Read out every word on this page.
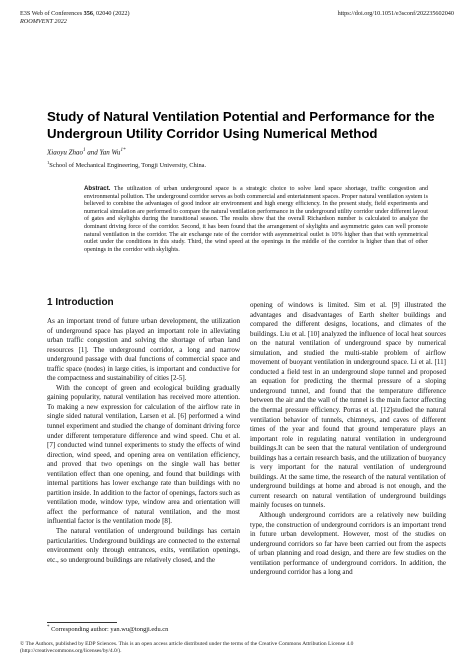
E3S Web of Conferences 356, 02040 (2022)
ROOMVENT 2022
https://doi.org/10.1051/e3sconf/202235602040
Study of Natural Ventilation Potential and Performance for the Undergroun Utility Corridor Using Numerical Method
Xiaoyu Zhao$^1$ and Yan $Wu^{1*}$
$^1$School of Mechanical Engineering, Tongji University, China.
Abstract. The utilization of urban underground space is a strategic choice to solve land space shortage, traffic congestion and environmental pollution. The underground corridor serves as both commercial and entertainment spaces. Proper natural ventilation system is believed to combine the advantages of good indoor air environment and high energy efficiency. In the present study, field experiments and numerical simulation are performed to compare the natural ventilation performance in the underground utility corridor under different layout of gates and skylights during the transitional season. The results show that the overall Richardson number is calculated to analyze the dominant driving force of the corridor. Second, it has been found that the arrangement of skylights and asymmetric gates can well promote natural ventilation in the corridor. The air exchange rate of the corridor with asymmetrical outlet is 10% higher than that with symmetrical outlet under the conditions in this study. Third, the wind speed at the openings in the middle of the corridor is higher than that of other openings in the corridor with skylights.
1 Introduction

As an important trend of future urban development, the utilization of underground space has played an important role in alleviating urban traffic congestion and solving the shortage of urban land resources [1]. The underground corridor, a long and narrow underground passage with dual functions of commercial space and traffic space (nodes) in large cities, is important and conductive for the compactness and sustainability of cities [2-5].

With the concept of green and ecological building gradually gaining popularity, natural ventilation has received more attention. To making a new expression for calculation of the airflow rate in single sided natural ventilation, Larsen et al. [6] performed a wind tunnel experiment and studied the change of dominant driving force under different temperature difference and wind speed. Chu et al. [7] conducted wind tunnel experiments to study the effects of wind direction, wind speed, and opening area on ventilation efficiency, and proved that two openings on the single wall has better ventilation effect than one opening, and found that buildings with internal partitions has lower exchange rate than buildings with no partition inside. In addition to the factor of openings, factors such as ventilation mode, window type, window area and orientation will affect the performance of natural ventilation, and the most influential factor is the ventilation mode [8].

The natural ventilation of underground buildings has certain particularities. Underground buildings are connected to the external environment only through entrances, exits, ventilation openings, etc., so underground buildings are relatively closed, and the

opening of windows is limited. Sim et al. [9] illustrated the advantages and disadvantages of Earth shelter buildings and compared the different designs, locations, and climates of the buildings. Liu et al. [10] analyzed the influence of local heat sources on the natural ventilation of underground space by numerical simulation, and studied the multi-stable problem of airflow movement of buoyant ventilation in underground space. Li et al. [11] conducted a field test in an underground slope tunnel and proposed an equation for predicting the thermal pressure of a sloping underground tunnel, and found that the temperature difference between the air and the wall of the tunnel is the main factor affecting the thermal pressure efficiency. Porras et al. [12]studied the natural ventilation behavior of tunnels, chimneys, and caves of different times of the year and found that ground temperature plays an important role in regulating natural ventilation in underground buildings.It can be seen that the natural ventilation of underground buildings has a certain research basis, and the utilization of buoyancy is very important for the natural ventilation of underground buildings. At the same time, the research of the natural ventilation of underground buildings at home and abroad is not enough, and the current research on natural ventilation of underground buildings mainly focuses on tunnels.

Although underground corridors are a relatively new building type, the construction of underground corridors is an important trend in future urban development. However, most of the studies on underground corridors so far have been carried out from the aspects of urban planning and road design, and there are few studies on the ventilation performance of underground corridors. In addition, the underground corridor has a long and

* Corresponding author: yan.wu@tongji.edu.cn
© The Authors, published by EDP Sciences. This is an open access article distributed under the terms of the Creative Commons Attribution License 4.0 (http://creativecommons.org/licenses/by/4.0/).
